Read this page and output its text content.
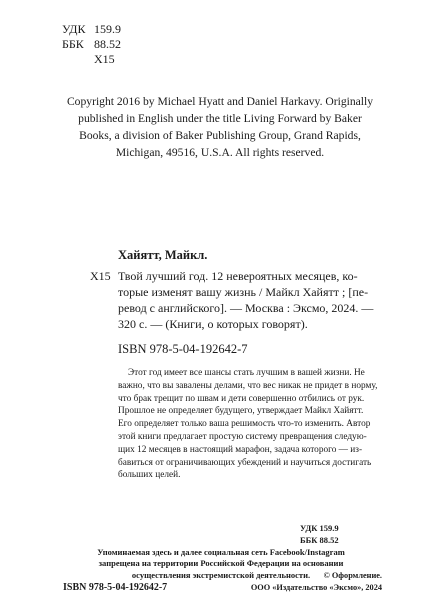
УДК 159.9
ББК 88.52
Х15
Copyright 2016 by Michael Hyatt and Daniel Harkavy. Originally
published in English under the title Living Forward by Baker
Books, a division of Baker Publishing Group, Grand Rapids,
Michigan, 49516, U.S.A. All rights reserved.
Хайятт, Майкл.
Х15 Твой лучший год. 12 невероятных месяцев, ко-
торые изменят вашу жизнь / Майкл Хайятт ; [пе-
ревод с английского]. — Москва : Эксмо, 2024. —
320 с. — (Книги, о которых говорят).
ISBN 978-5-04-192642-7
Этот год имеет все шансы стать лучшим в вашей жизни. Не
важно, что вы завалены делами, что вес никак не придет в норму,
что брак трещит по швам и дети совершенно отбились от рук.
Прошлое не определяет будущего, утверждает Майкл Хайятт.
Его определяет только ваша решимость что-то изменить. Автор
этой книги предлагает простую систему превращения следую-
щих 12 месяцев в настоящий марафон, задача которого — из-
бавиться от ограничивающих убеждений и научиться достигать
больших целей.
УДК 159.9
ББК 88.52
Упоминаемая здесь и далее социальная сеть Facebook/Instagram
запрещена на территории Российской Федерации на основании
осуществления экстремистской деятельности.
ISBN 978-5-04-192642-7
© Оформление.
ООО «Издательство «Эксмо», 2024
